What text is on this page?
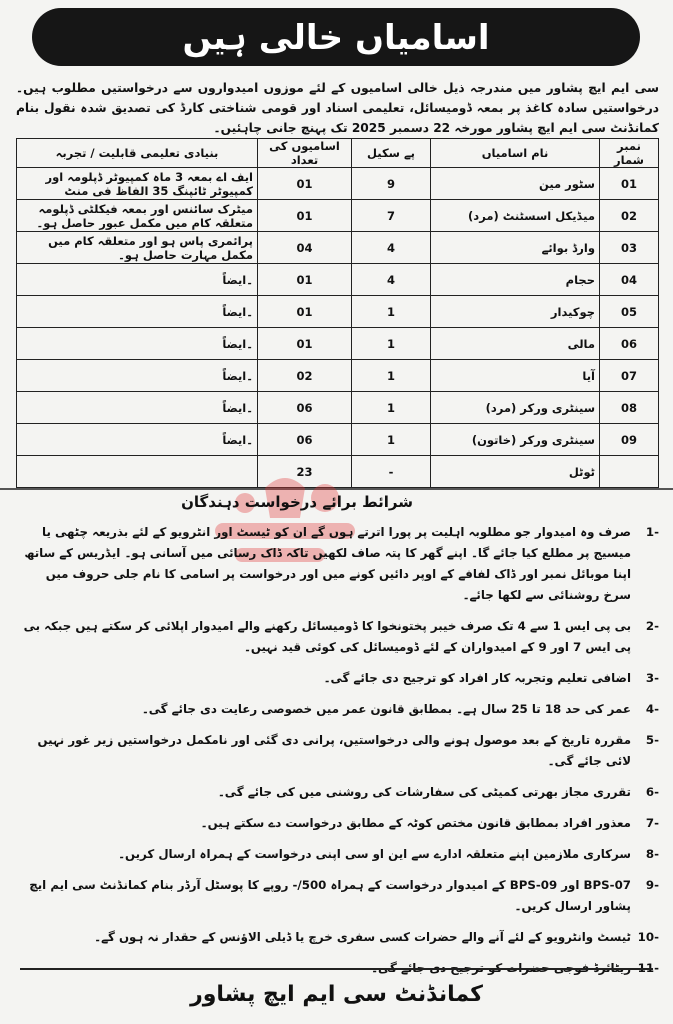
اسامیاں خالی ہیں
سی ایم ایچ پشاور میں مندرجہ ذیل خالی اسامیوں کے لئے موزوں امیدواروں سے درخواستیں مطلوب ہیں۔ درخواستیں سادہ کاغذ پر بمعہ ڈومیسائل، تعلیمی اسناد اور قومی شناختی کارڈ کی تصدیق شدہ نقول بنام کمانڈنٹ سی ایم ایچ پشاور مورخہ 22 دسمبر 2025 تک پہنچ جانی چاہئیں۔
نمبر شمار	نام اسامیاں	پے سکیل	اسامیوں کی تعداد	بنیادی تعلیمی قابلیت / تجربہ
01	سٹور مین	9	01	ایف اے بمعہ 3 ماہ کمپیوٹر ڈپلومہ اور کمپیوٹر ٹائپنگ 35 الفاظ فی منٹ
02	میڈیکل اسسٹنٹ (مرد)	7	01	میٹرک سائنس اور بمعہ فیکلٹی ڈپلومہ متعلقہ کام میں مکمل عبور حاصل ہو۔
03	وارڈ بوائے	4	04	پرائمری پاس ہو اور متعلقہ کام میں مکمل مہارت حاصل ہو۔
04	حجام	4	01	۔ایضاً
05	چوکیدار	1	01	۔ایضاً
06	مالی	1	01	۔ایضاً
07	آیا	1	02	۔ایضاً
08	سینٹری ورکر (مرد)	1	06	۔ایضاً
09	سینٹری ورکر (خاتون)	1	06	۔ایضاً
	ٹوٹل	-	23	
شرائط برائے درخواست دہندگان
-1
صرف وہ امیدوار جو مطلوبہ اہلیت پر پورا اترتے ہوں گے ان کو ٹیسٹ اور انٹرویو کے لئے بذریعہ چٹھی یا میسیج پر مطلع کیا جائے گا۔ اپنے گھر کا پتہ صاف لکھیں تاکہ ڈاک رسائی میں آسانی ہو۔ ایڈریس کے ساتھ اپنا موبائل نمبر اور ڈاک لفافے کے اوپر دائیں کونے میں اور درخواست پر اسامی کا نام جلی حروف میں سرخ روشنائی سے لکھا جائے۔
-2
بی پی ایس 1 سے 4 تک صرف خیبر پختونخوا کا ڈومیسائل رکھنے والے امیدوار اپلائی کر سکتے ہیں جبکہ بی پی ایس 7 اور 9 کے امیدواران کے لئے ڈومیسائل کی کوئی قید نہیں۔
-3
اضافی تعلیم وتجربہ کار افراد کو ترجیح دی جائے گی۔
-4
عمر کی حد 18 تا 25 سال ہے۔ بمطابق قانون عمر میں خصوصی رعایت دی جائے گی۔
-5
مقررہ تاریخ کے بعد موصول ہونے والی درخواستیں، پرانی دی گئی اور نامکمل درخواستیں زیر غور نہیں لائی جائے گی۔
-6
تقرری مجاز بھرتی کمیٹی کی سفارشات کی روشنی میں کی جائے گی۔
-7
معذور افراد بمطابق قانون مختص کوٹہ کے مطابق درخواست دے سکتے ہیں۔
-8
سرکاری ملازمین اپنے متعلقہ ادارے سے این او سی اپنی درخواست کے ہمراہ ارسال کریں۔
-9
BPS-07 اور BPS-09 کے امیدوار درخواست کے ہمراہ 500/- روپے کا پوسٹل آرڈر بنام کمانڈنٹ سی ایم ایچ پشاور ارسال کریں۔
-10
ٹیسٹ وانٹرویو کے لئے آنے والے حضرات کسی سفری خرچ یا ڈیلی الاؤنس کے حقدار نہ ہوں گے۔
-11
ریٹائرڈ فوجی حضرات کو ترجیح دی جائے گی۔
کمانڈنٹ سی ایم ایچ پشاور
